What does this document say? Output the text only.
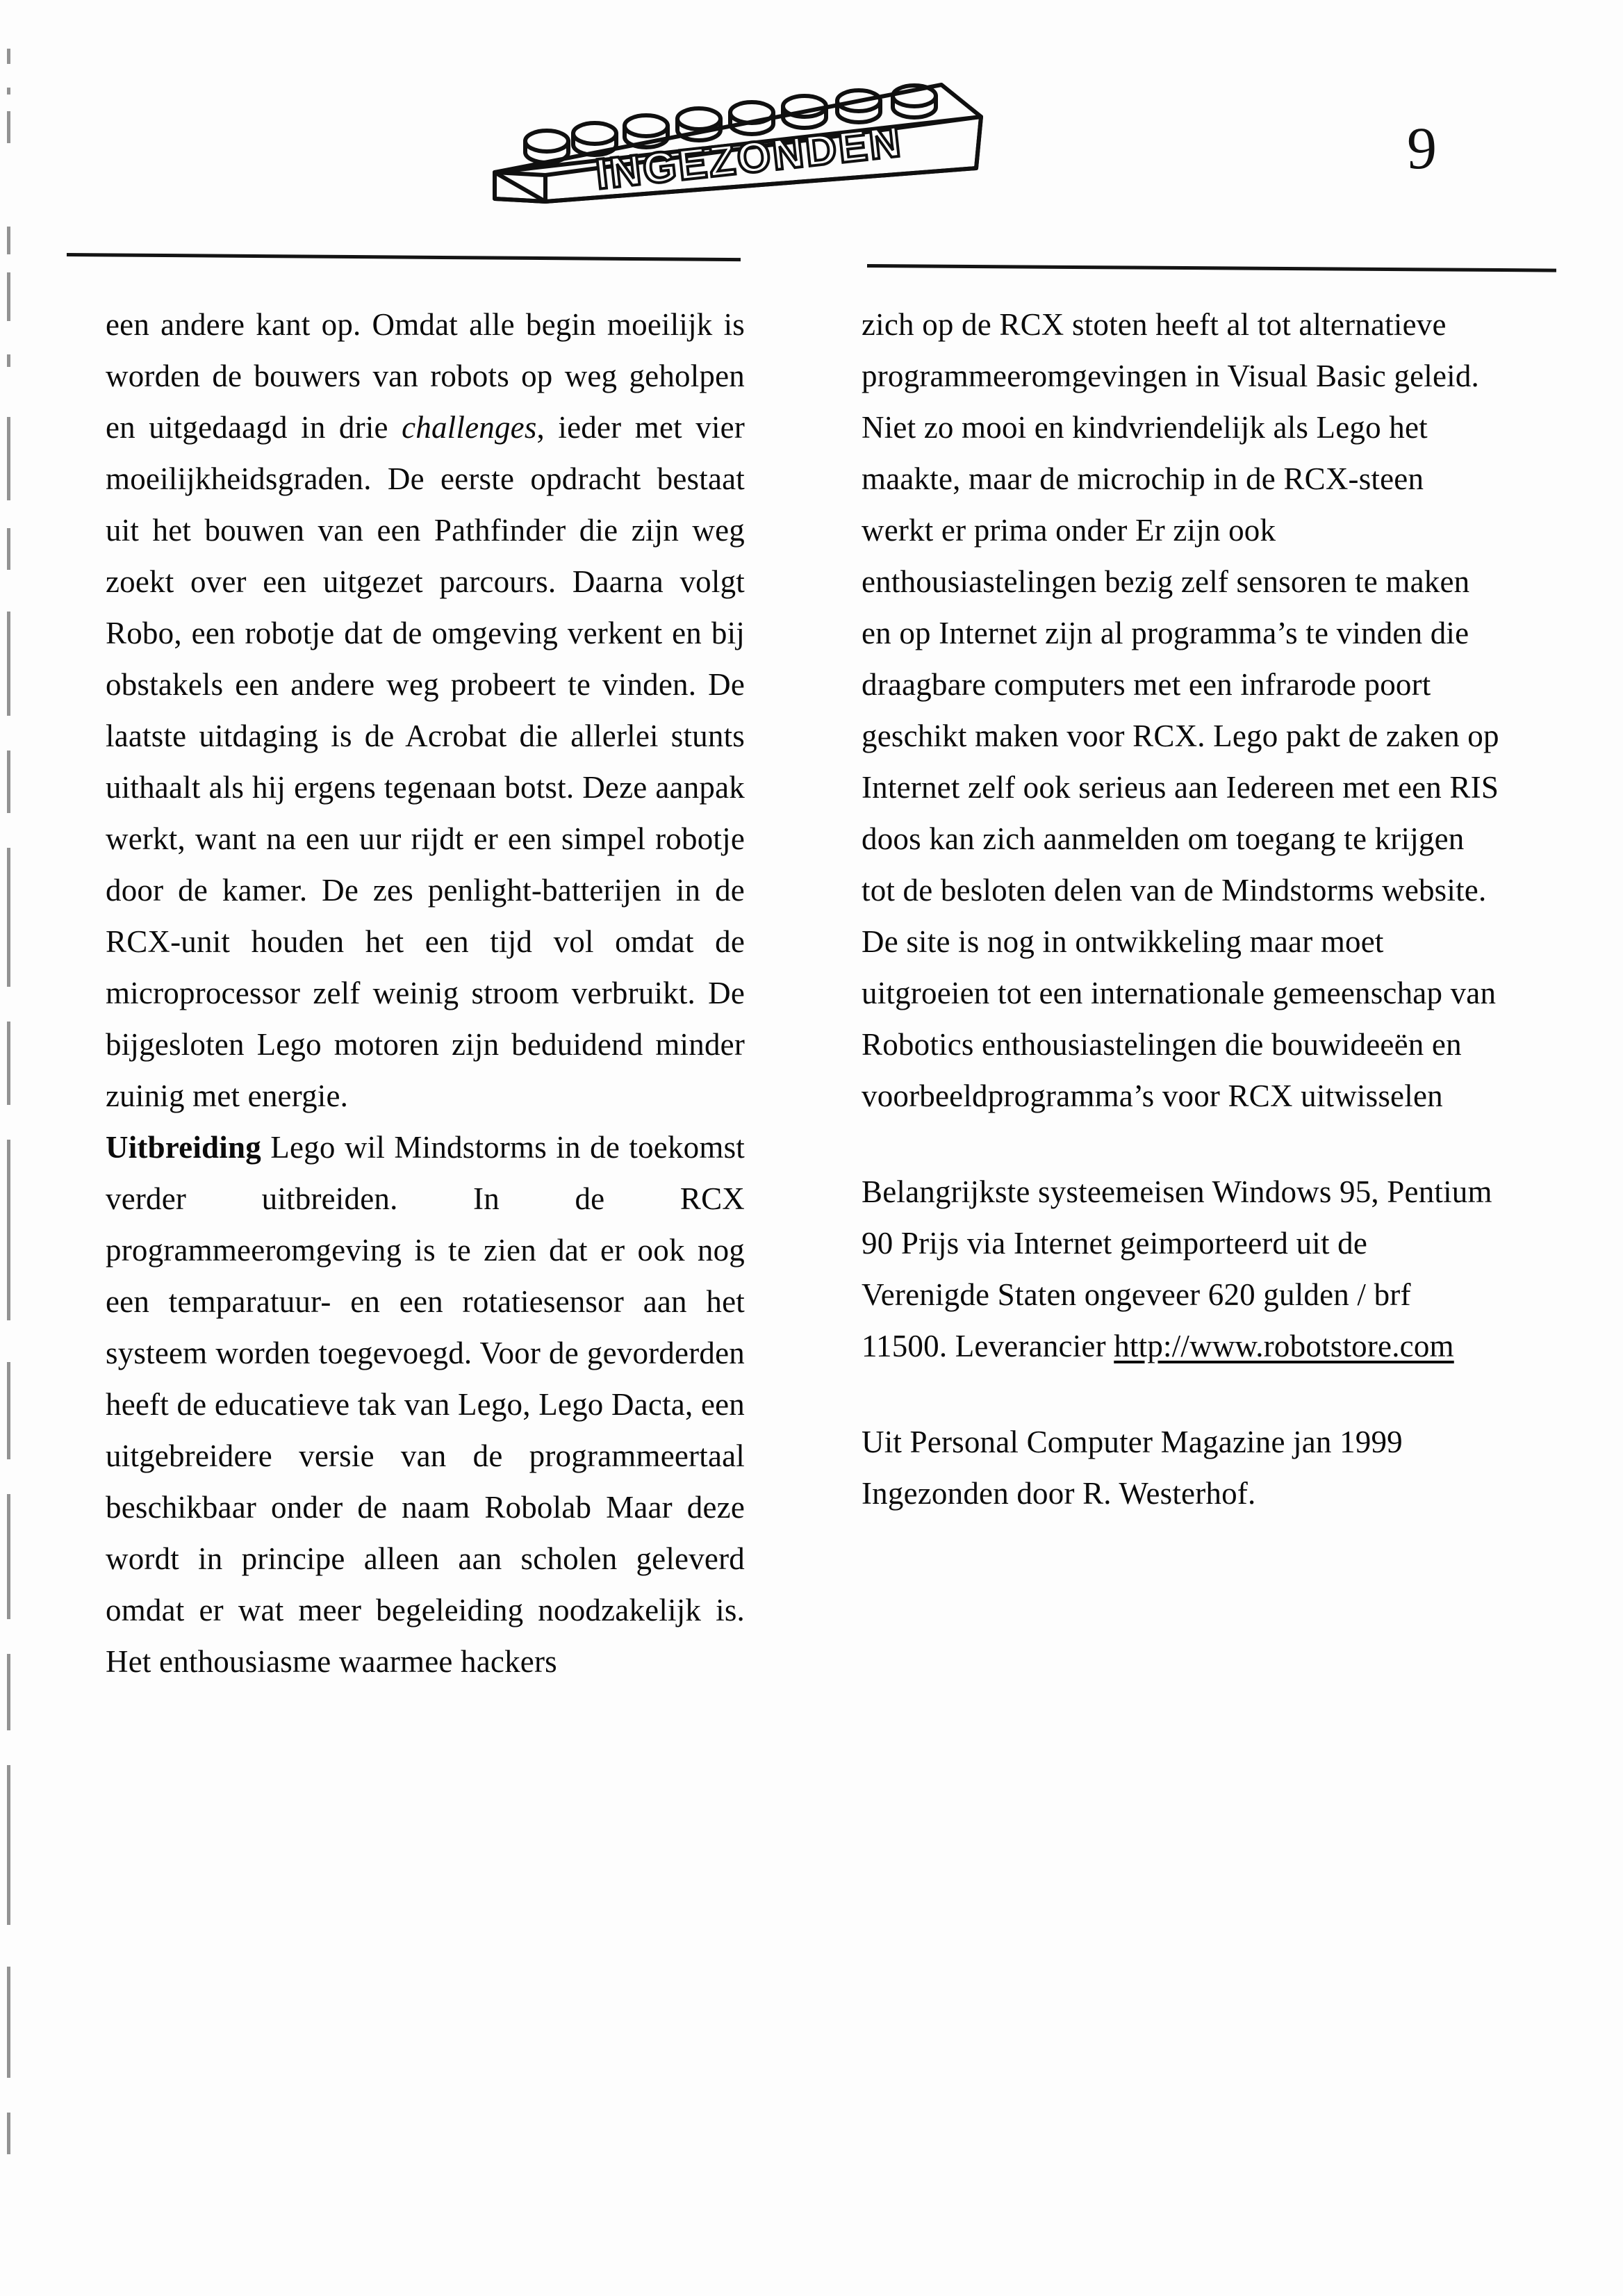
INGEZONDEN	9

een andere kant op. Omdat alle begin moeilijk is worden de bouwers van robots op weg geholpen en uitgedaagd in drie challenges, ieder met vier moeilijkheidsgraden. De eerste opdracht bestaat uit het bouwen van een Pathfinder die zijn weg zoekt over een uitgezet parcours. Daarna volgt Robo, een robotje dat de omgeving verkent en bij obstakels een andere weg probeert te vinden. De laatste uitdaging is de Acrobat die allerlei stunts uithaalt als hij ergens tegenaan botst. Deze aanpak werkt, want na een uur rijdt er een simpel robotje door de kamer. De zes penlight-batterijen in de RCX-unit houden het een tijd vol omdat de microprocessor zelf weinig stroom verbruikt. De bijgesloten Lego motoren zijn beduidend minder zuinig met energie.

Uitbreiding Lego wil Mindstorms in de toekomst verder uitbreiden. In de RCX programmeeromgeving is te zien dat er ook nog een temparatuur- en een rotatiesensor aan het systeem worden toegevoegd. Voor de gevorderden heeft de educatieve tak van Lego, Lego Dacta, een uitgebreidere versie van de programmeertaal beschikbaar onder de naam Robolab Maar deze wordt in principe alleen aan scholen geleverd omdat er wat meer begeleiding noodzakelijk is. Het enthousiasme waarmee hackers

zich op de RCX stoten heeft al tot alternatieve

programmeeromgevingen in Visual Basic geleid. Niet zo mooi en kindvriendelijk als Lego het maakte, maar de microchip in de RCX-steen werkt er prima onder Er zijn ook enthousiastelingen bezig zelf sensoren te maken en op Internet zijn al programma’s te vinden die draagbare computers met een infrarode poort geschikt maken voor RCX. Lego pakt de zaken op Internet zelf ook serieus aan Iedereen met een RIS doos kan zich aanmelden om toegang te krijgen tot de besloten delen van de Mindstorms website. De site is nog in ontwikkeling maar moet uitgroeien tot een internationale gemeenschap van Robotics enthousiastelingen die bouwideeën en voorbeeldprogramma’s voor RCX uitwisselen

Belangrijkste systeemeisen Windows 95, Pentium 90 Prijs via Internet geimporteerd uit de Verenigde Staten ongeveer 620 gulden / brf 11500. Leverancier http://www.robotstore.com

Uit Personal Computer Magazine jan 1999 Ingezonden door R. Westerhof.
